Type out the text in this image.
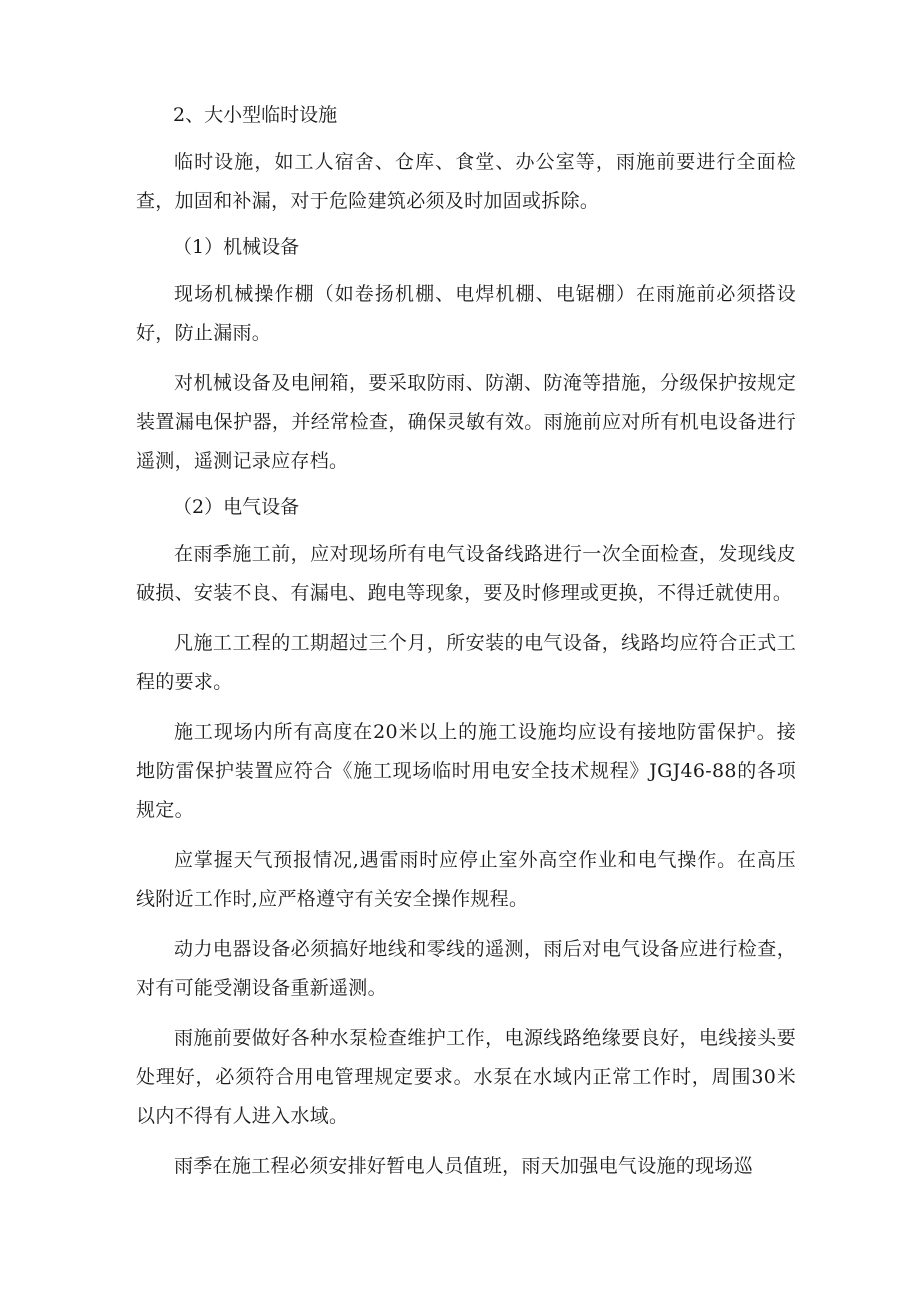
2、大小型临时设施

临时设施，如工人宿舍、仓库、食堂、办公室等，雨施前要进行全面检查，加固和补漏，对于危险建筑必须及时加固或拆除。

（1）机械设备

现场机械操作棚（如卷扬机棚、电焊机棚、电锯棚）在雨施前必须搭设好，防止漏雨。

对机械设备及电闸箱，要采取防雨、防潮、防淹等措施，分级保护按规定装置漏电保护器，并经常检查，确保灵敏有效。雨施前应对所有机电设备进行遥测，遥测记录应存档。

（2）电气设备

在雨季施工前，应对现场所有电气设备线路进行一次全面检查，发现线皮破损、安装不良、有漏电、跑电等现象，要及时修理或更换，不得迁就使用。

凡施工工程的工期超过三个月，所安装的电气设备，线路均应符合正式工程的要求。

施工现场内所有高度在20米以上的施工设施均应设有接地防雷保护。接地防雷保护装置应符合《施工现场临时用电安全技术规程》JGJ46-88的各项规定。

应掌握天气预报情况,遇雷雨时应停止室外高空作业和电气操作。在高压线附近工作时,应严格遵守有关安全操作规程。

动力电器设备必须搞好地线和零线的遥测，雨后对电气设备应进行检查，对有可能受潮设备重新遥测。

雨施前要做好各种水泵检查维护工作，电源线路绝缘要良好，电线接头要处理好，必须符合用电管理规定要求。水泵在水域内正常工作时，周围30米以内不得有人进入水域。

雨季在施工程必须安排好暂电人员值班，雨天加强电气设施的现场巡
